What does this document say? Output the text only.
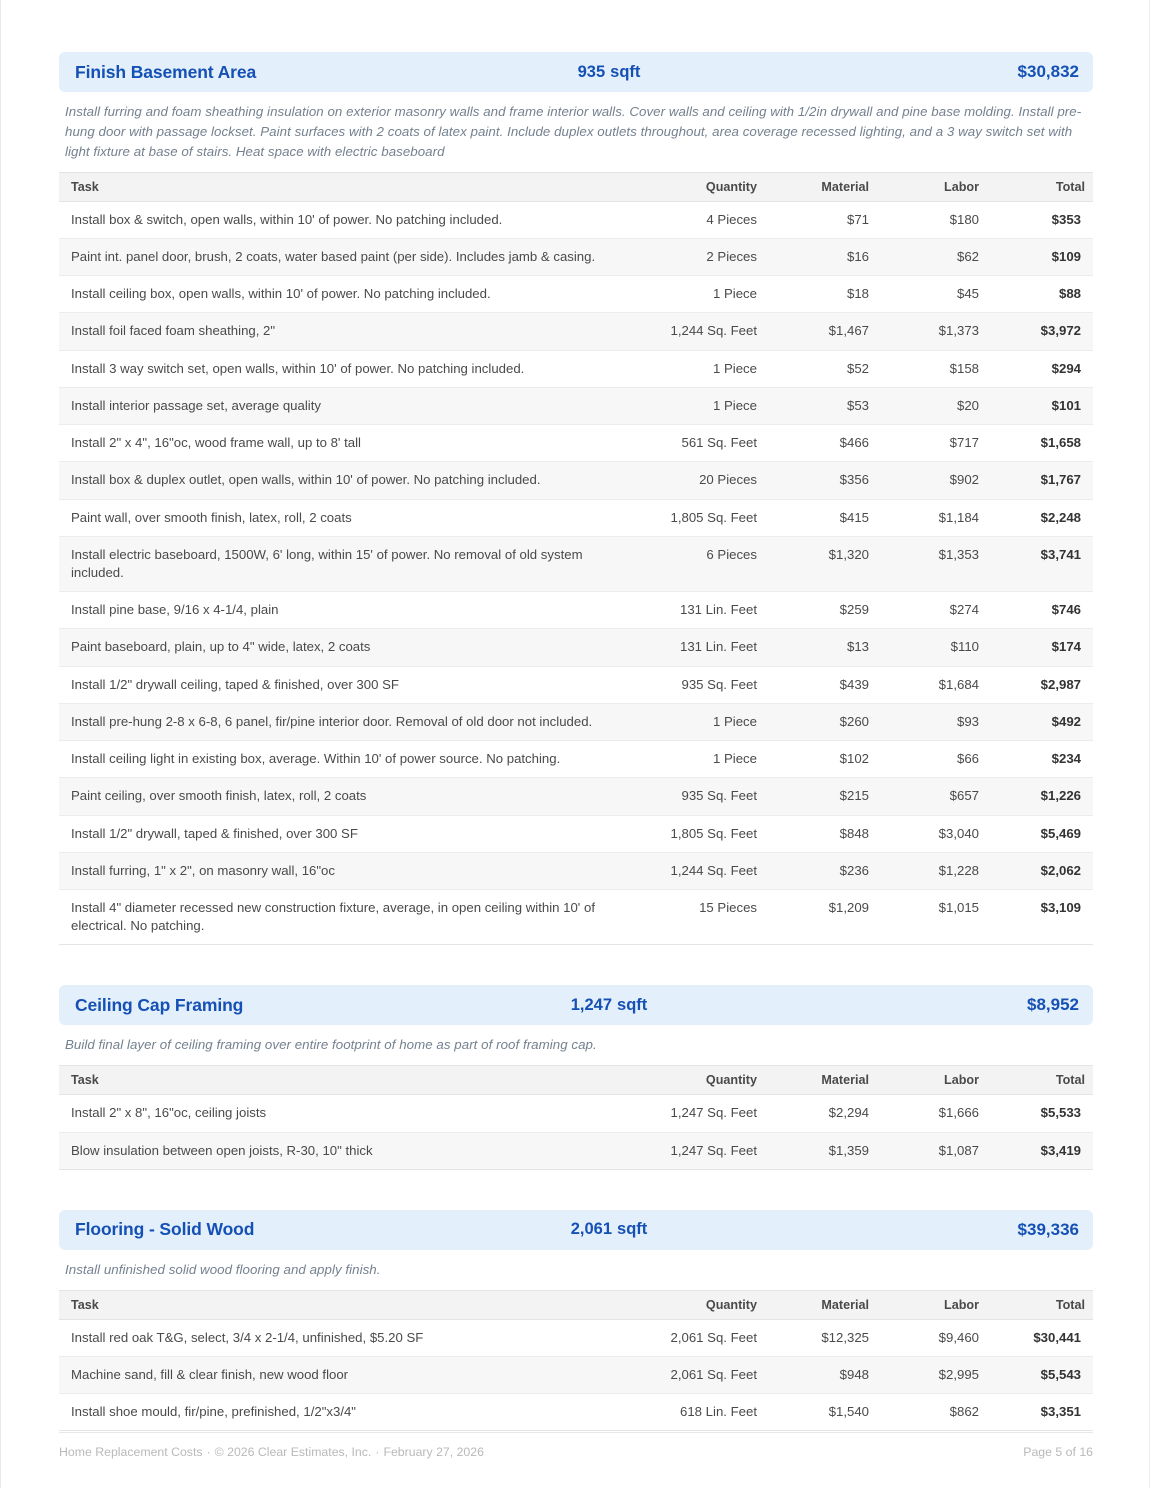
Finish Basement Area	935 sqft	$30,832
Install furring and foam sheathing insulation on exterior masonry walls and frame interior walls. Cover walls and ceiling with 1/2in drywall and pine base molding. Install pre-hung door with passage lockset. Paint surfaces with 2 coats of latex paint. Include duplex outlets throughout, area coverage recessed lighting, and a 3 way switch set with light fixture at base of stairs. Heat space with electric baseboard
Task	Quantity	Material	Labor	Total
Install box & switch, open walls, within 10' of power. No patching included.	4 Pieces	$71	$180	$353
Paint int. panel door, brush, 2 coats, water based paint (per side). Includes jamb & casing.	2 Pieces	$16	$62	$109
Install ceiling box, open walls, within 10' of power. No patching included.	1 Piece	$18	$45	$88
Install foil faced foam sheathing, 2"	1,244 Sq. Feet	$1,467	$1,373	$3,972
Install 3 way switch set, open walls, within 10' of power. No patching included.	1 Piece	$52	$158	$294
Install interior passage set, average quality	1 Piece	$53	$20	$101
Install 2" x 4", 16"oc, wood frame wall, up to 8' tall	561 Sq. Feet	$466	$717	$1,658
Install box & duplex outlet, open walls, within 10' of power. No patching included.	20 Pieces	$356	$902	$1,767
Paint wall, over smooth finish, latex, roll, 2 coats	1,805 Sq. Feet	$415	$1,184	$2,248
Install electric baseboard, 1500W, 6' long, within 15' of power. No removal of old system included.	6 Pieces	$1,320	$1,353	$3,741
Install pine base, 9/16 x 4-1/4, plain	131 Lin. Feet	$259	$274	$746
Paint baseboard, plain, up to 4" wide, latex, 2 coats	131 Lin. Feet	$13	$110	$174
Install 1/2" drywall ceiling, taped & finished, over 300 SF	935 Sq. Feet	$439	$1,684	$2,987
Install pre-hung 2-8 x 6-8, 6 panel, fir/pine interior door. Removal of old door not included.	1 Piece	$260	$93	$492
Install ceiling light in existing box, average. Within 10' of power source. No patching.	1 Piece	$102	$66	$234
Paint ceiling, over smooth finish, latex, roll, 2 coats	935 Sq. Feet	$215	$657	$1,226
Install 1/2" drywall, taped & finished, over 300 SF	1,805 Sq. Feet	$848	$3,040	$5,469
Install furring, 1" x 2", on masonry wall, 16"oc	1,244 Sq. Feet	$236	$1,228	$2,062
Install 4" diameter recessed new construction fixture, average, in open ceiling within 10' of electrical. No patching.	15 Pieces	$1,209	$1,015	$3,109
Ceiling Cap Framing	1,247 sqft	$8,952
Build final layer of ceiling framing over entire footprint of home as part of roof framing cap.
Task	Quantity	Material	Labor	Total
Install 2" x 8", 16"oc, ceiling joists	1,247 Sq. Feet	$2,294	$1,666	$5,533
Blow insulation between open joists, R-30, 10" thick	1,247 Sq. Feet	$1,359	$1,087	$3,419
Flooring - Solid Wood	2,061 sqft	$39,336
Install unfinished solid wood flooring and apply finish.
Task	Quantity	Material	Labor	Total
Install red oak T&G, select, 3/4 x 2-1/4, unfinished, $5.20 SF	2,061 Sq. Feet	$12,325	$9,460	$30,441
Machine sand, fill & clear finish, new wood floor	2,061 Sq. Feet	$948	$2,995	$5,543
Install shoe mould, fir/pine, prefinished, 1/2"x3/4"	618 Lin. Feet	$1,540	$862	$3,351
Home Replacement Costs · © 2026 Clear Estimates, Inc. · February 27, 2026	Page 5 of 16
